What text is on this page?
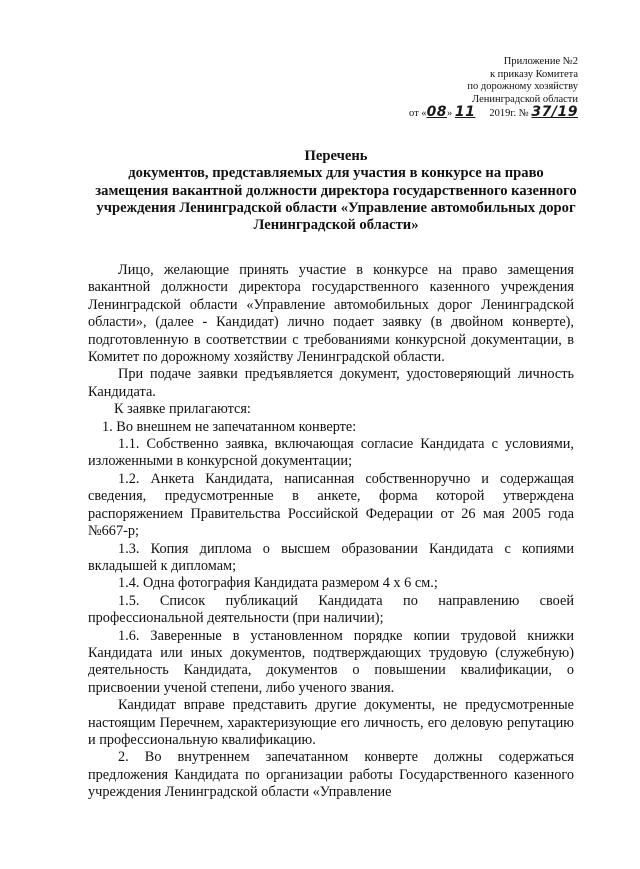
Приложение №2
к приказу Комитета
по дорожному хозяйству
Ленинградской области
от «08» 11 2019г. № 37/19
Перечень
документов, представляемых для участия в конкурсе на право замещения вакантной должности директора государственного казенного учреждения Ленинградской области «Управление автомобильных дорог Ленинградской области»

Лицо, желающие принять участие в конкурсе на право замещения вакантной должности директора государственного казенного учреждения Ленинградской области «Управление автомобильных дорог Ленинградской области», (далее - Кандидат) лично подает заявку (в двойном конверте), подготовленную в соответствии с требованиями конкурсной документации, в Комитет по дорожному хозяйству Ленинградской области.

При подаче заявки предъявляется документ, удостоверяющий личность Кандидата.

К заявке прилагаются:

1. Во внешнем не запечатанном конверте:

1.1. Собственно заявка, включающая согласие Кандидата с условиями, изложенными в конкурсной документации;

1.2. Анкета Кандидата, написанная собственноручно и содержащая сведения, предусмотренные в анкете, форма которой утверждена распоряжением Правительства Российской Федерации от 26 мая 2005 года №667-р;

1.3. Копия диплома о высшем образовании Кандидата с копиями вкладышей к дипломам;

1.4. Одна фотография Кандидата размером 4 х 6 см.;

1.5. Список публикаций Кандидата по направлению своей профессиональной деятельности (при наличии);

1.6. Заверенные в установленном порядке копии трудовой книжки Кандидата или иных документов, подтверждающих трудовую (служебную) деятельность Кандидата, документов о повышении квалификации, о присвоении ученой степени, либо ученого звания.

Кандидат вправе представить другие документы, не предусмотренные настоящим Перечнем, характеризующие его личность, его деловую репутацию и профессиональную квалификацию.

2. Во внутреннем запечатанном конверте должны содержаться предложения Кандидата по организации работы Государственного казенного учреждения Ленинградской области «Управление
